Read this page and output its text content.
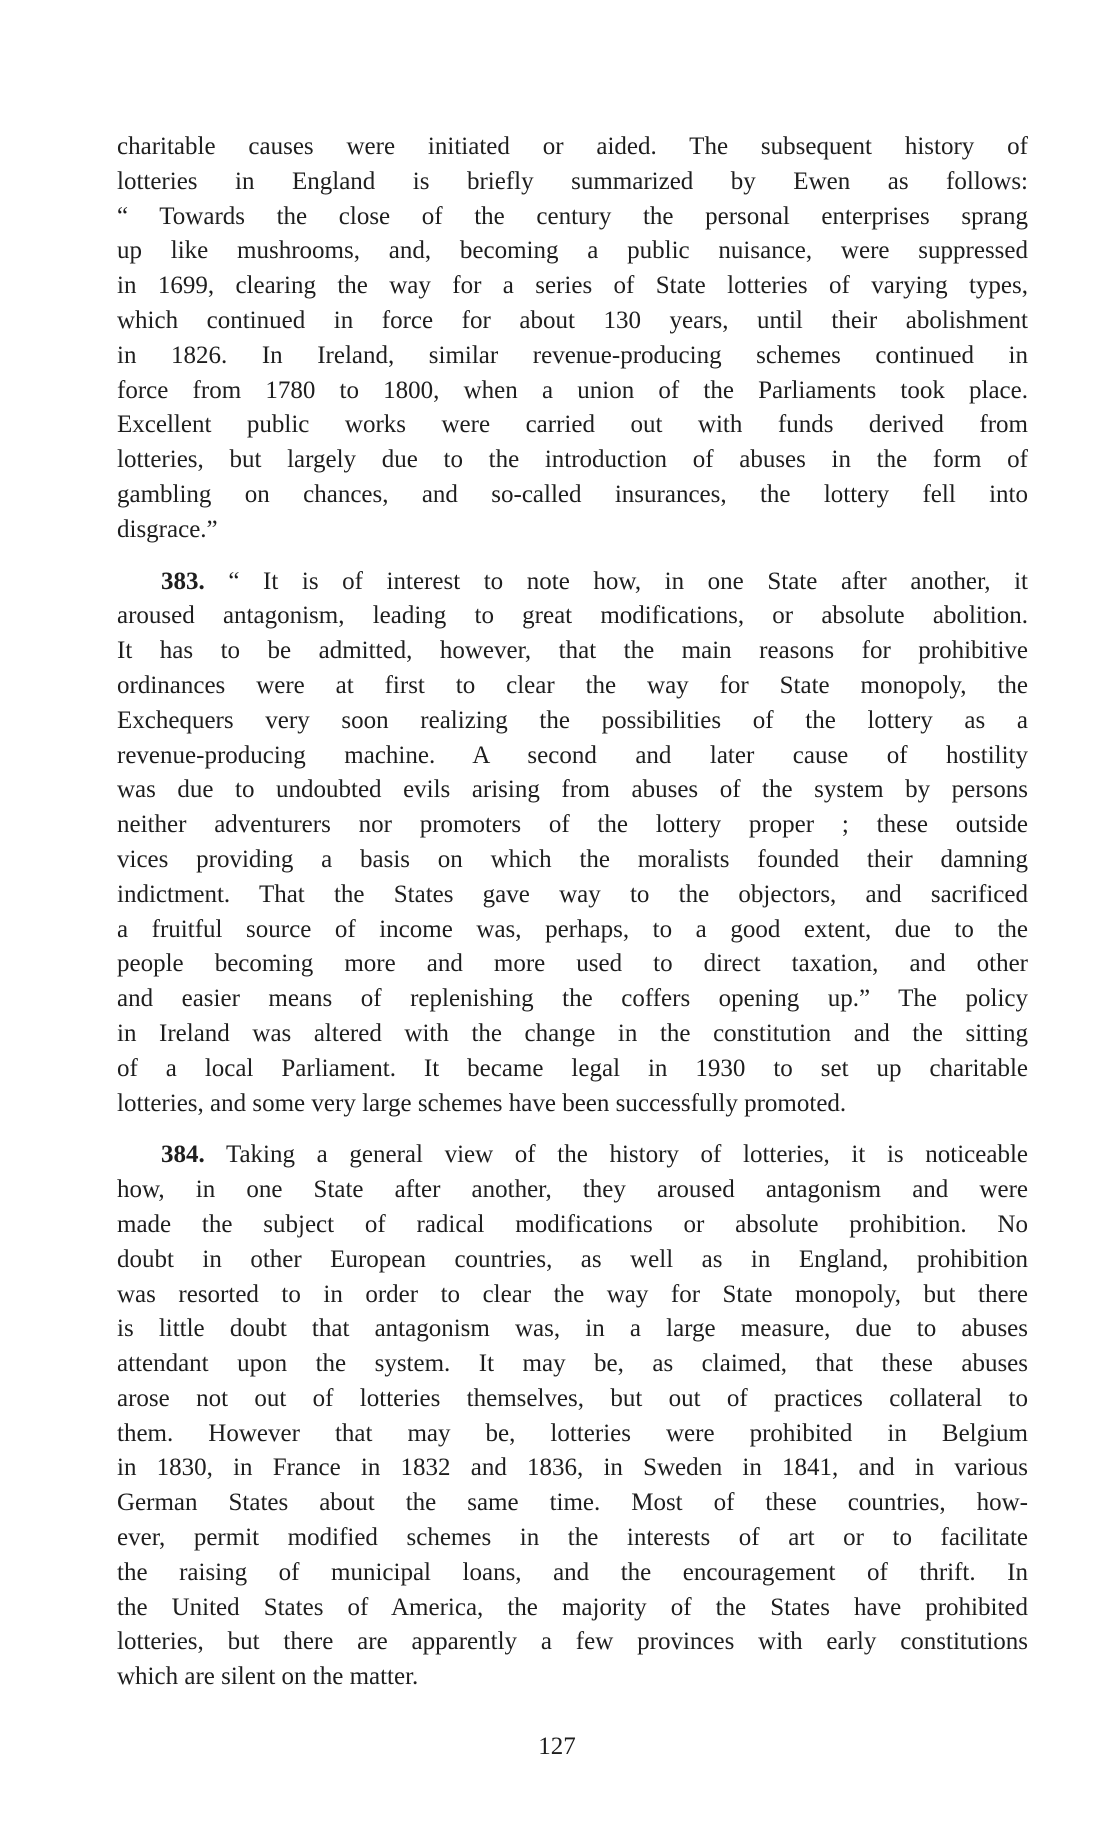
charitable causes were initiated or aided. The subsequent history of
lotteries in England is briefly summarized by Ewen as follows:
“ Towards the close of the century the personal enterprises sprang
up like mushrooms, and, becoming a public nuisance, were suppressed
in 1699, clearing the way for a series of State lotteries of varying types,
which continued in force for about 130 years, until their abolishment
in 1826. In Ireland, similar revenue-producing schemes continued in
force from 1780 to 1800, when a union of the Parliaments took place.
Excellent public works were carried out with funds derived from
lotteries, but largely due to the introduction of abuses in the form of
gambling on chances, and so-called insurances, the lottery fell into
disgrace.”
383. “ It is of interest to note how, in one State after another, it
aroused antagonism, leading to great modifications, or absolute abolition.
It has to be admitted, however, that the main reasons for prohibitive
ordinances were at first to clear the way for State monopoly, the
Exchequers very soon realizing the possibilities of the lottery as a
revenue-producing machine. A second and later cause of hostility
was due to undoubted evils arising from abuses of the system by persons
neither adventurers nor promoters of the lottery proper ; these outside
vices providing a basis on which the moralists founded their damning
indictment. That the States gave way to the objectors, and sacrificed
a fruitful source of income was, perhaps, to a good extent, due to the
people becoming more and more used to direct taxation, and other
and easier means of replenishing the coffers opening up.” The policy
in Ireland was altered with the change in the constitution and the sitting
of a local Parliament. It became legal in 1930 to set up charitable
lotteries, and some very large schemes have been successfully promoted.
384. Taking a general view of the history of lotteries, it is noticeable
how, in one State after another, they aroused antagonism and were
made the subject of radical modifications or absolute prohibition. No
doubt in other European countries, as well as in England, prohibition
was resorted to in order to clear the way for State monopoly, but there
is little doubt that antagonism was, in a large measure, due to abuses
attendant upon the system. It may be, as claimed, that these abuses
arose not out of lotteries themselves, but out of practices collateral to
them. However that may be, lotteries were prohibited in Belgium
in 1830, in France in 1832 and 1836, in Sweden in 1841, and in various
German States about the same time. Most of these countries, how-
ever, permit modified schemes in the interests of art or to facilitate
the raising of municipal loans, and the encouragement of thrift. In
the United States of America, the majority of the States have prohibited
lotteries, but there are apparently a few provinces with early constitutions
which are silent on the matter.
127
